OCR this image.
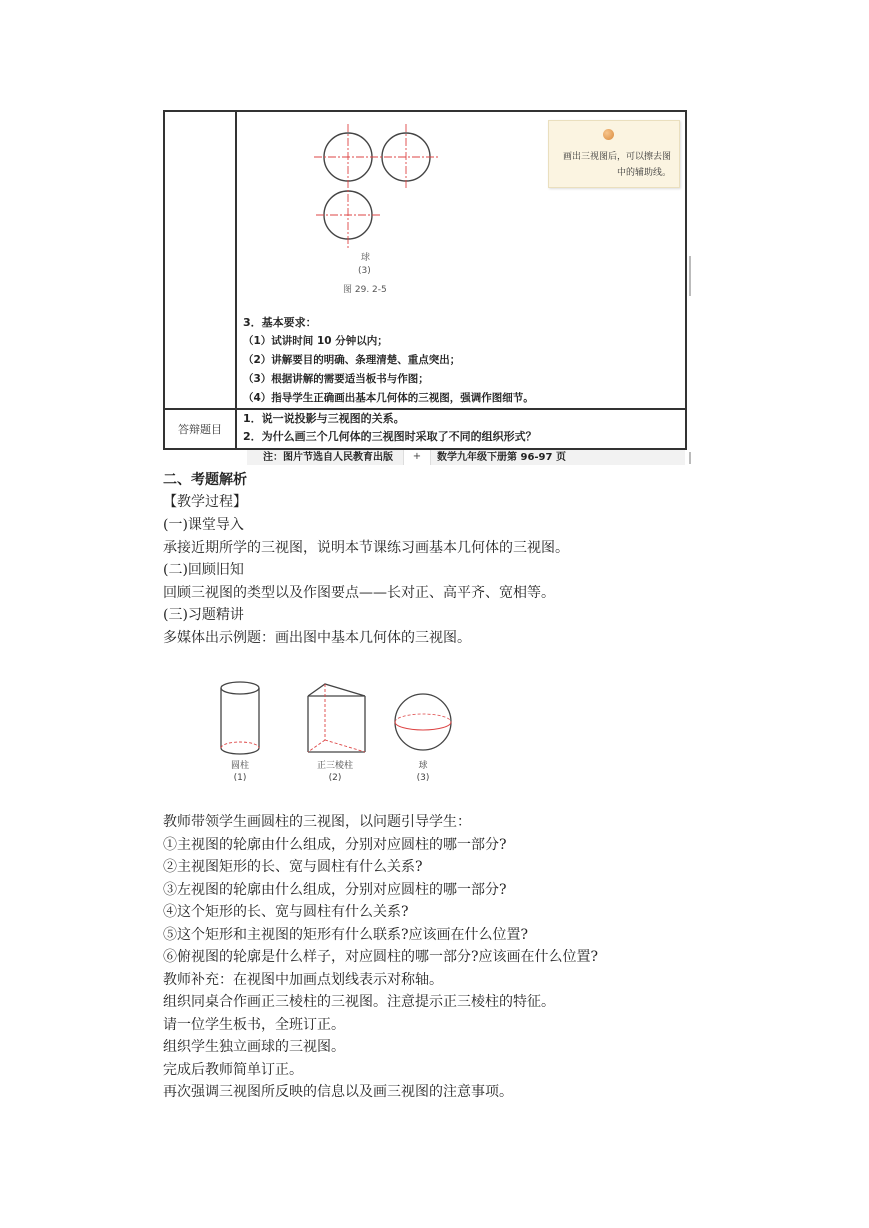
球
(3)
图 29. 2-5
画出三视图后，可以擦去图中的辅助线。
3．基本要求：
（1）试讲时间 10 分钟以内；
（2）讲解要目的明确、条理清楚、重点突出；
（3）根据讲解的需要适当板书与作图；
（4）指导学生正确画出基本几何体的三视图，强调作图细节。
答辩题目
1．说一说投影与三视图的关系。
2．为什么画三个几何体的三视图时采取了不同的组织形式？
注：图片节选自人民教育出版	+	数学九年级下册第 96-97 页
二、考题解析
【教学过程】
(一)课堂导入
承接近期所学的三视图，说明本节课练习画基本几何体的三视图。
(二)回顾旧知
回顾三视图的类型以及作图要点——长对正、高平齐、宽相等。
(三)习题精讲
多媒体出示例题：画出图中基本几何体的三视图。
圆柱
(1)
正三棱柱
(2)
球
(3)
教师带领学生画圆柱的三视图，以问题引导学生：
①主视图的轮廓由什么组成，分别对应圆柱的哪一部分?
②主视图矩形的长、宽与圆柱有什么关系?
③左视图的轮廓由什么组成，分别对应圆柱的哪一部分?
④这个矩形的长、宽与圆柱有什么关系?
⑤这个矩形和主视图的矩形有什么联系?应该画在什么位置?
⑥俯视图的轮廓是什么样子，对应圆柱的哪一部分?应该画在什么位置?
教师补充：在视图中加画点划线表示对称轴。
组织同桌合作画正三棱柱的三视图。注意提示正三棱柱的特征。
请一位学生板书，全班订正。
组织学生独立画球的三视图。
完成后教师简单订正。
再次强调三视图所反映的信息以及画三视图的注意事项。
